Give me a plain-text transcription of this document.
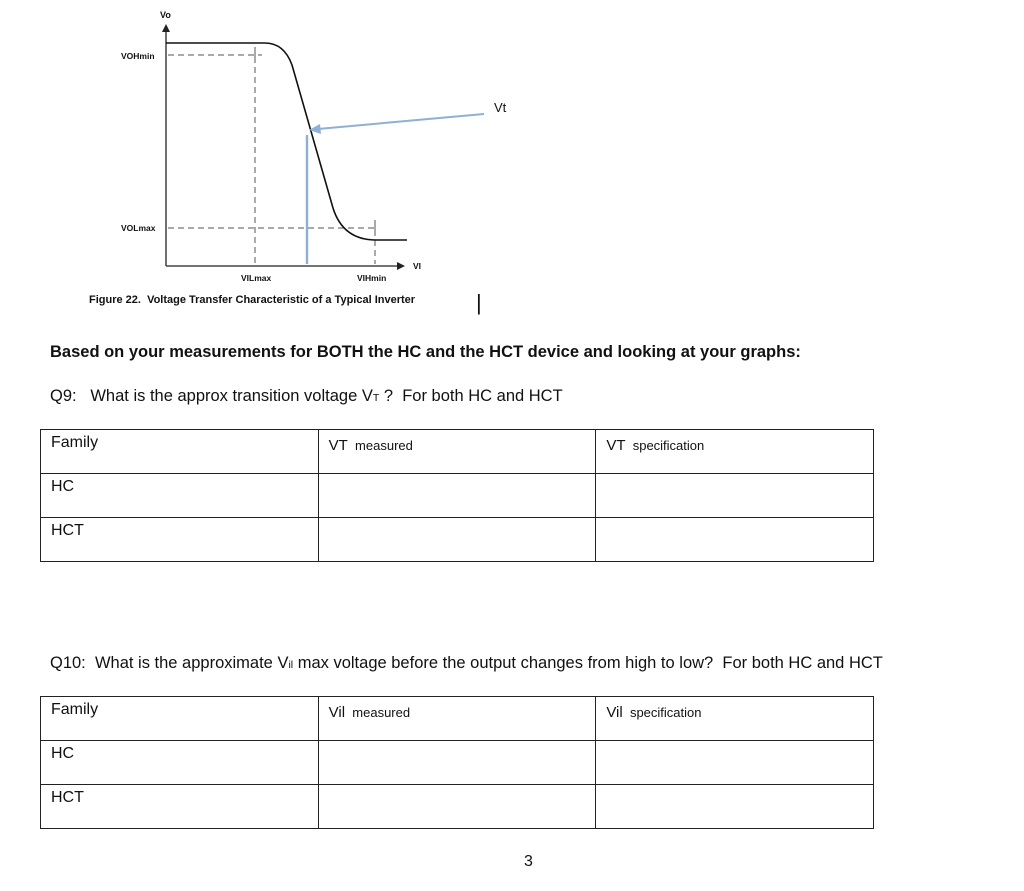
Vo
VOHmin
VOLmax
VI
VILmax	VIHmin
Vt
Figure 22.  Voltage Transfer Characteristic of a Typical Inverter	|
Based on your measurements for BOTH the HC and the HCT device and looking at your graphs:
Q9:   What is the approx transition voltage VT ?  For both HC and HCT
Family	VT  measured	VT  specification
HC		
HCT		
Q10:  What is the approximate Vil max voltage before the output changes from high to low?  For both HC and HCT
Family	Vil  measured	Vil  specification
HC		
HCT		
3
